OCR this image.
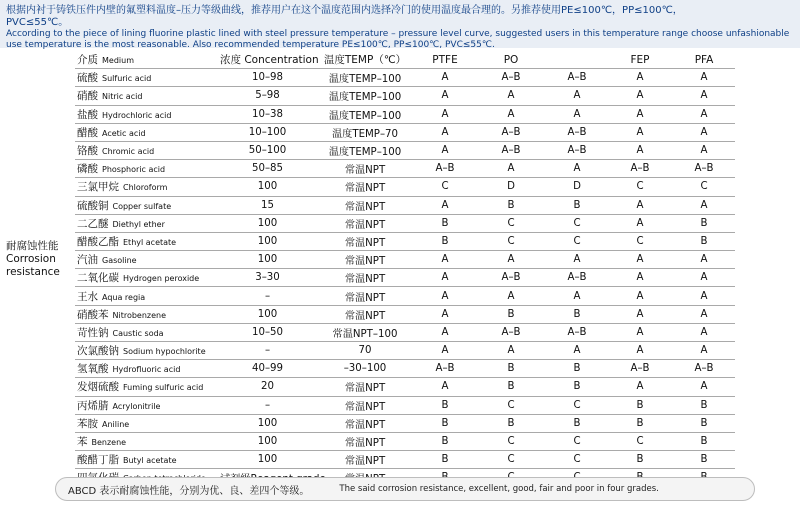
根据内衬于铸铁压件内壁的氟塑料温度–压力等级曲线，推荐用户在这个温度范围内选择冷门的使用温度最合理的。另推荐使用PE≤100℃，PP≤100℃，

PVC≤55℃。

According to the piece of lining fluorine plastic lined with steel pressure temperature – pressure level curve, suggested users in this temperature range choose unfashionable

use temperature is the most reasonable. Also recommended temperature PE≤100℃, PP≤100℃, PVC≤55℃.

耐腐蚀性能
Corrosion
resistance
介质 Medium	浓度 Concentration	温度TEMP（℃）	PTFE	PO		FEP	PFA
硫酸 Sulfuric acid	10–98	温度TEMP–100	A	A–B	A–B	A	A
硝酸 Nitric acid	5–98	温度TEMP–100	A	A	A	A	A
盐酸 Hydrochloric acid	10–38	温度TEMP–100	A	A	A	A	A
醋酸 Acetic acid	10–100	温度TEMP–70	A	A–B	A–B	A	A
铬酸 Chromic acid	50–100	温度TEMP–100	A	A–B	A–B	A	A
磷酸 Phosphoric acid	50–85	常温NPT	A–B	A	A	A–B	A–B
三氯甲烷 Chloroform	100	常温NPT	C	D	D	C	C
硫酸铜 Copper sulfate	15	常温NPT	A	B	B	A	A
二乙醚 Diethyl ether	100	常温NPT	B	C	C	A	B
醋酸乙酯 Ethyl acetate	100	常温NPT	B	C	C	C	B
汽油 Gasoline	100	常温NPT	A	A	A	A	A
二氧化碳 Hydrogen peroxide	3–30	常温NPT	A	A–B	A–B	A	A
王水 Aqua regia	–	常温NPT	A	A	A	A	A
硝酸苯 Nitrobenzene	100	常温NPT	A	B	B	A	A
苛性钠 Caustic soda	10–50	常温NPT–100	A	A–B	A–B	A	A
次氯酸钠 Sodium hypochlorite	–	70	A	A	A	A	A
氢氧酸 Hydrofluoric acid	40–99	–30–100	A–B	B	B	A–B	A–B
发烟硫酸 Fuming sulfuric acid	20	常温NPT	A	B	B	A	A
丙烯腈 Acrylonitrile	–	常温NPT	B	C	C	B	B
苯胺 Aniline	100	常温NPT	B	B	B	B	B
苯 Benzene	100	常温NPT	B	C	C	C	B
酸醋丁脂 Butyl acetate	100	常温NPT	B	C	C	B	B

ABCD 表示耐腐蚀性能，分别为优、良、差四个等级。	The said corrosion resistance, excellent, good, fair and poor in four grades.
